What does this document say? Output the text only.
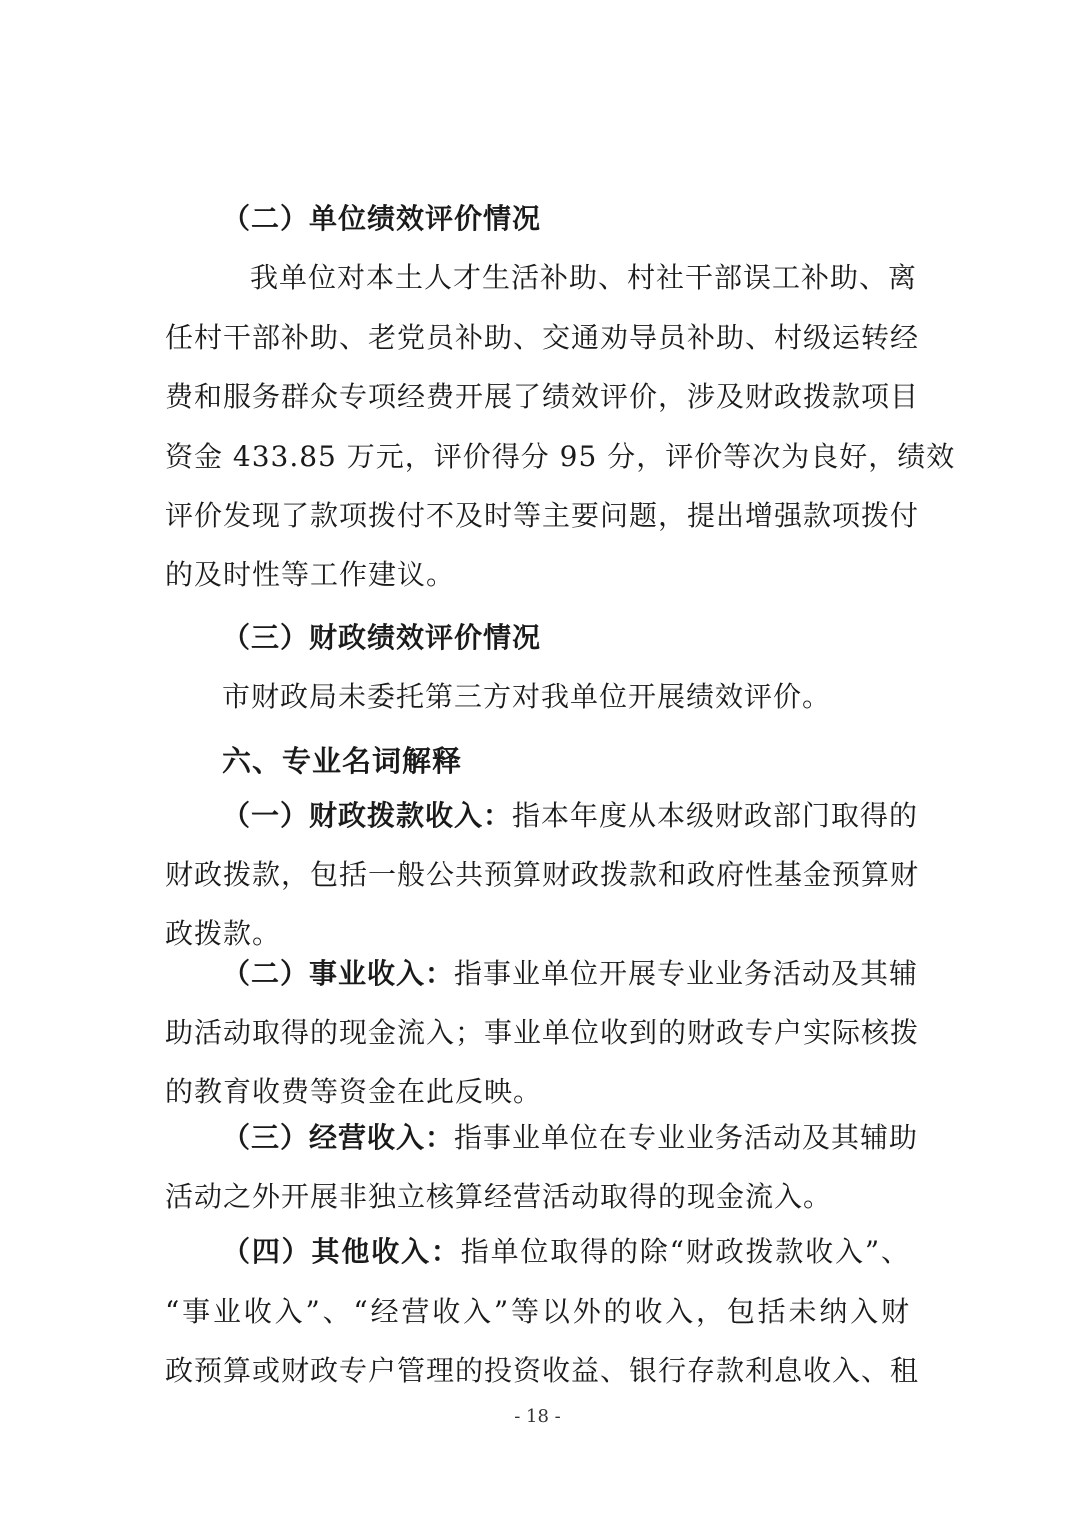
（二）单位绩效评价情况
我单位对本土人才生活补助、村社干部误工补助、离
任村干部补助、老党员补助、交通劝导员补助、村级运转经
费和服务群众专项经费开展了绩效评价，涉及财政拨款项目
资金 433.85 万元，评价得分 95 分，评价等次为良好，绩效
评价发现了款项拨付不及时等主要问题，提出增强款项拨付
的及时性等工作建议。
（三）财政绩效评价情况
市财政局未委托第三方对我单位开展绩效评价。
六、专业名词解释
（一）财政拨款收入：指本年度从本级财政部门取得的
财政拨款，包括一般公共预算财政拨款和政府性基金预算财
政拨款。
（二）事业收入：指事业单位开展专业业务活动及其辅
助活动取得的现金流入；事业单位收到的财政专户实际核拨
的教育收费等资金在此反映。
（三）经营收入：指事业单位在专业业务活动及其辅助
活动之外开展非独立核算经营活动取得的现金流入。
（四）其他收入：指单位取得的除“财政拨款收入”、
“事业收入”、“经营收入”等以外的收入，包括未纳入财
政预算或财政专户管理的投资收益、银行存款利息收入、租
- 18 -
